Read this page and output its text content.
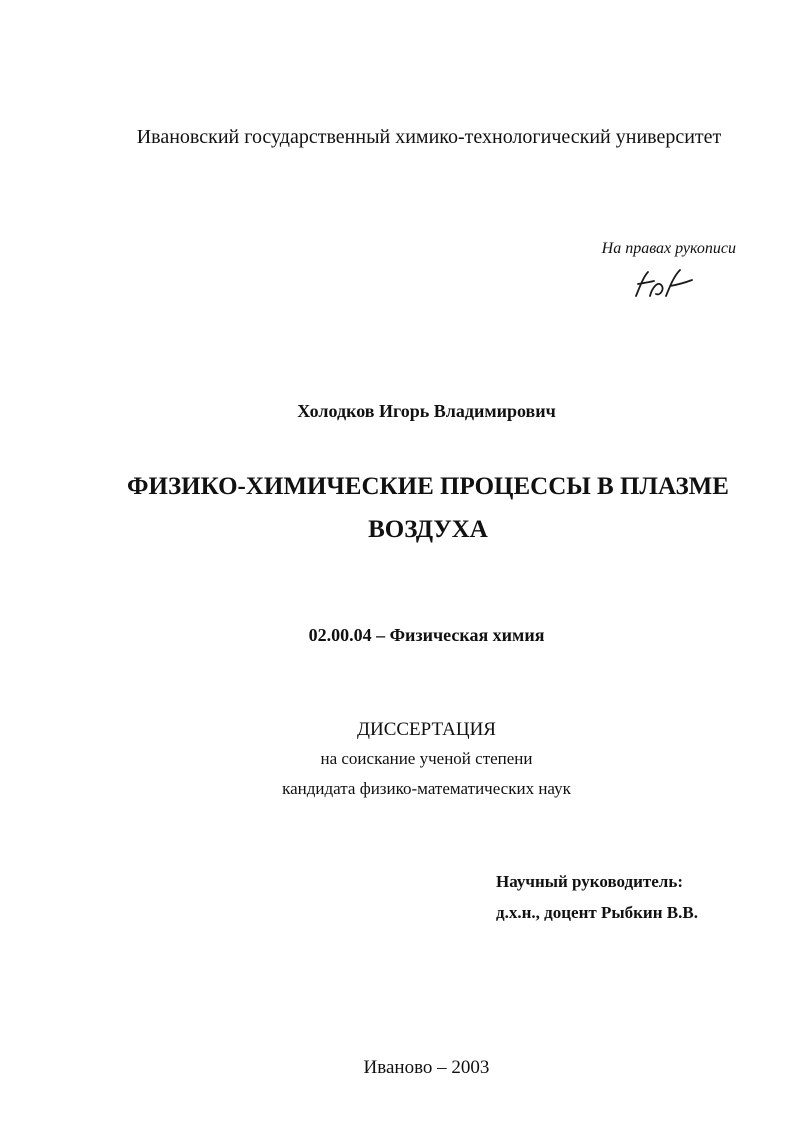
Ивановский государственный химико-технологический университет
На правах рукописи
Холодков Игорь Владимирович
ФИЗИКО-ХИМИЧЕСКИЕ ПРОЦЕССЫ В ПЛАЗМЕ
ВОЗДУХА
02.00.04 – Физическая химия
ДИССЕРТАЦИЯ
на соискание ученой степени
кандидата физико-математических наук
Научный руководитель:
д.х.н., доцент Рыбкин В.В.
Иваново – 2003
